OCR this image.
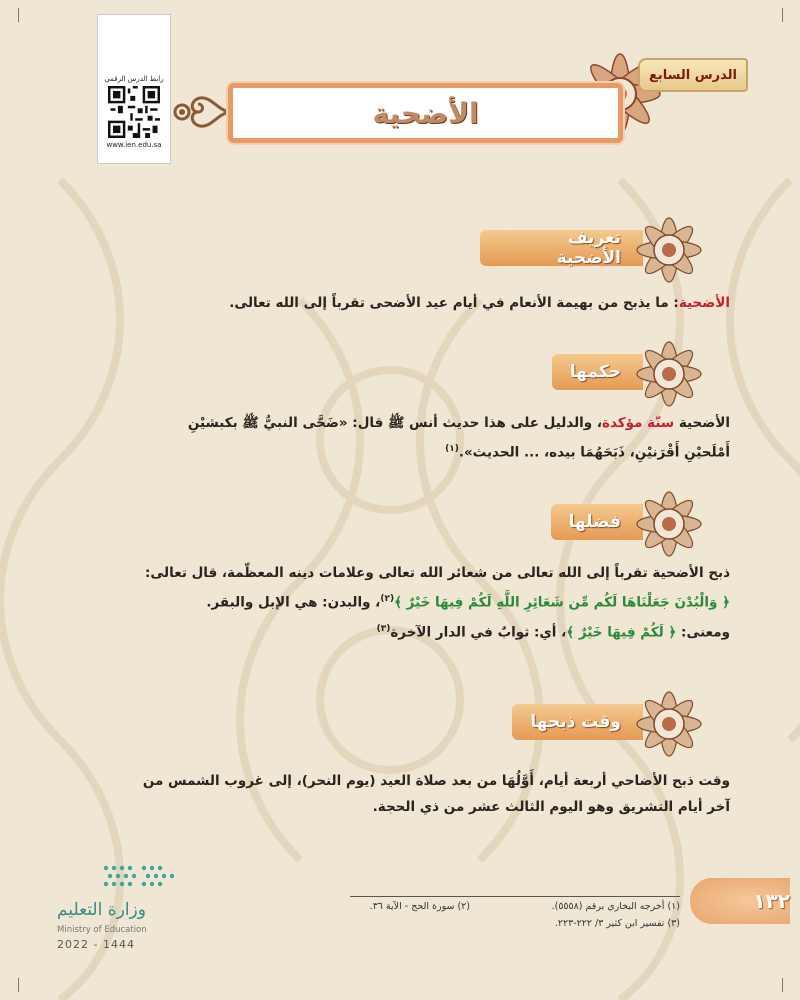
رابط الدرس الرقمي
www.ien.edu.sa
الدرس السابع
الأضحية
تعريف الأضحية
الأضحية: ما يذبح من بهيمة الأنعام في أيام عيد الأضحى تقرباً إلى الله تعالى.
حكمها
الأضحية سنّة مؤكدة، والدليل على هذا حديث أنس ﷺ قال: «ضَحَّى النبيُّ ﷺ بكبشيْنِ
أَمْلَحيْنِ أَقْرَنيْنِ، ذَبَحَهُمَا بيده، ... الحديث».$^{(١)}$
فضلها
ذبح الأضحية تقرباً إلى الله تعالى من شعائر الله تعالى وعلامات دينه المعظّمة، قال تعالى:
﴿ وَالْبُدْنَ جَعَلْنَاهَا لَكُم مِّن شَعَائِرِ اللَّهِ لَكُمْ فِيهَا خَيْرٌ ﴾$^{(٢)}$، والبدن: هي الإبل والبقر.
ومعنى: ﴿ لَكُمْ فِيهَا خَيْرٌ ﴾، أي: ثوابٌ في الدار الآخرة$^{(٣)}$
وقت ذبحها
وقت ذبح الأضاحي أربعة أيام، أَوَّلُهَا من بعد صلاة العيد (يوم النحر)، إلى غروب الشمس من
آخر أيام التشريق وهو اليوم الثالث عشر من ذي الحجة.
وزارة التعليم
Ministry of Education
2022 - 1444
(١) أخرجه البخاري برقم (٥٥٥٨).
(٢) سورة الحج - الآية ٣٦.
(٣) تفسير ابن كثير ٣/ ٢٢٢-٢٢٣.
١٣٢
